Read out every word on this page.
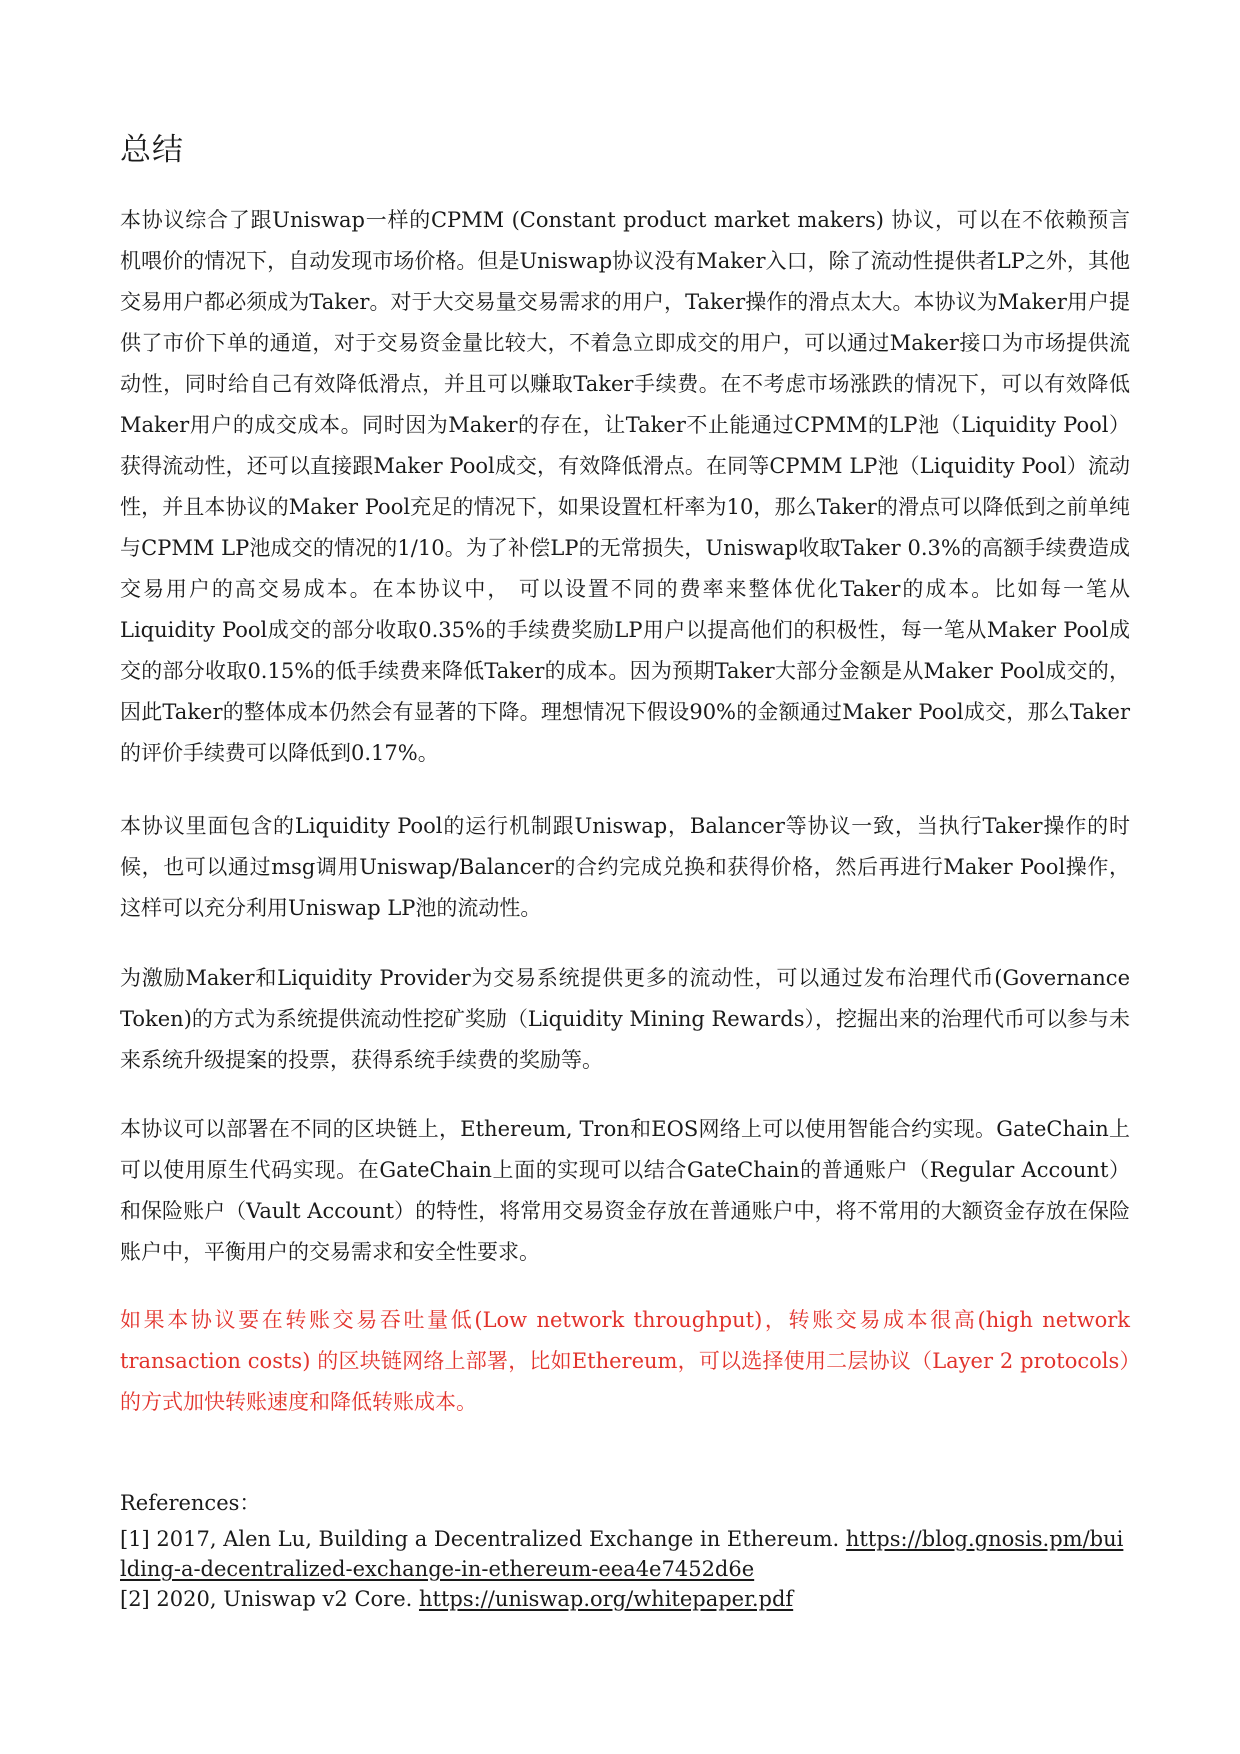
总结

本协议综合了跟Uniswap一样的CPMM (Constant product market makers) 协议，可以在不依赖预言机喂价的情况下，自动发现市场价格。但是Uniswap协议没有Maker入口，除了流动性提供者LP之外，其他交易用户都必须成为Taker。对于大交易量交易需求的用户，Taker操作的滑点太大。本协议为Maker用户提供了市价下单的通道，对于交易资金量比较大，不着急立即成交的用户，可以通过Maker接口为市场提供流动性，同时给自己有效降低滑点，并且可以赚取Taker手续费。在不考虑市场涨跌的情况下，可以有效降低Maker用户的成交成本。同时因为Maker的存在，让Taker不止能通过CPMM的LP池（Liquidity Pool）获得流动性，还可以直接跟Maker Pool成交，有效降低滑点。在同等CPMM LP池（Liquidity Pool）流动性，并且本协议的Maker Pool充足的情况下，如果设置杠杆率为10，那么Taker的滑点可以降低到之前单纯与CPMM LP池成交的情况的1/10。为了补偿LP的无常损失，Uniswap收取Taker 0.3%的高额手续费造成交易用户的高交易成本。在本协议中， 可以设置不同的费率来整体优化Taker的成本。比如每一笔从Liquidity Pool成交的部分收取0.35%的手续费奖励LP用户以提高他们的积极性，每一笔从Maker Pool成交的部分收取0.15%的低手续费来降低Taker的成本。因为预期Taker大部分金额是从Maker Pool成交的，因此Taker的整体成本仍然会有显著的下降。理想情况下假设90%的金额通过Maker Pool成交，那么Taker的评价手续费可以降低到0.17%。

本协议里面包含的Liquidity Pool的运行机制跟Uniswap，Balancer等协议一致，当执行Taker操作的时候，也可以通过msg调用Uniswap/Balancer的合约完成兑换和获得价格，然后再进行Maker Pool操作，这样可以充分利用Uniswap LP池的流动性。

为激励Maker和Liquidity Provider为交易系统提供更多的流动性，可以通过发布治理代币(Governance Token)的方式为系统提供流动性挖矿奖励（Liquidity Mining Rewards），挖掘出来的治理代币可以参与未来系统升级提案的投票，获得系统手续费的奖励等。

本协议可以部署在不同的区块链上，Ethereum, Tron和EOS网络上可以使用智能合约实现。GateChain上可以使用原生代码实现。在GateChain上面的实现可以结合GateChain的普通账户（Regular Account）和保险账户（Vault Account）的特性，将常用交易资金存放在普通账户中，将不常用的大额资金存放在保险账户中，平衡用户的交易需求和安全性要求。

如果本协议要在转账交易吞吐量低(Low network throughput)，转账交易成本很高(high network transaction costs) 的区块链网络上部署，比如Ethereum，可以选择使用二层协议（Layer 2 protocols）的方式加快转账速度和降低转账成本。

References：

[1] 2017, Alen Lu, Building a Decentralized Exchange in Ethereum. https://blog.gnosis.pm/building-a-decentralized-exchange-in-ethereum-eea4e7452d6e

[2] 2020, Uniswap v2 Core. https://uniswap.org/whitepaper.pdf
